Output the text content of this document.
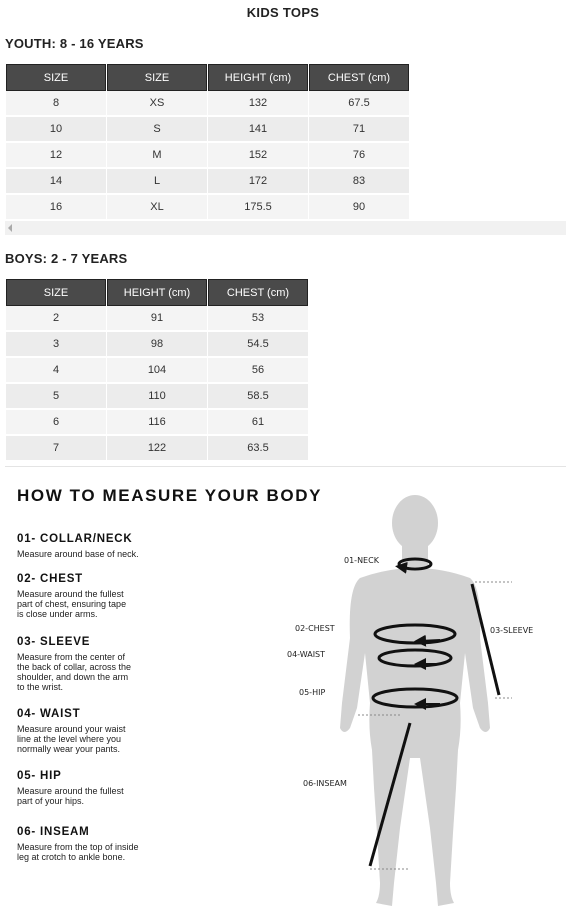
KIDS TOPS
YOUTH: 8 - 16 YEARS
SIZE	SIZE	HEIGHT (cm)	CHEST (cm)
8	XS	132	67.5
10	S	141	71
12	M	152	76
14	L	172	83
16	XL	175.5	90
BOYS: 2 - 7 YEARS
SIZE	HEIGHT (cm)	CHEST (cm)
2	91	53
3	98	54.5
4	104	56
5	110	58.5
6	116	61
7	122	63.5
HOW TO MEASURE YOUR BODY
01- COLLAR/NECK
Measure around base of neck.
02- CHEST
Measure around the fullest
part of chest, ensuring tape
is close under arms.
03- SLEEVE
Measure from the center of
the back of collar, across the
shoulder, and down the arm
to the wrist.
04- WAIST
Measure around your waist
line at the level where you
normally wear your pants.
05- HIP
Measure around the fullest
part of your hips.
06- INSEAM
Measure from the top of inside
leg at crotch to ankle bone.
01-NECK
02-CHEST	03-SLEEVE
04-WAIST
05-HIP
06-INSEAM
